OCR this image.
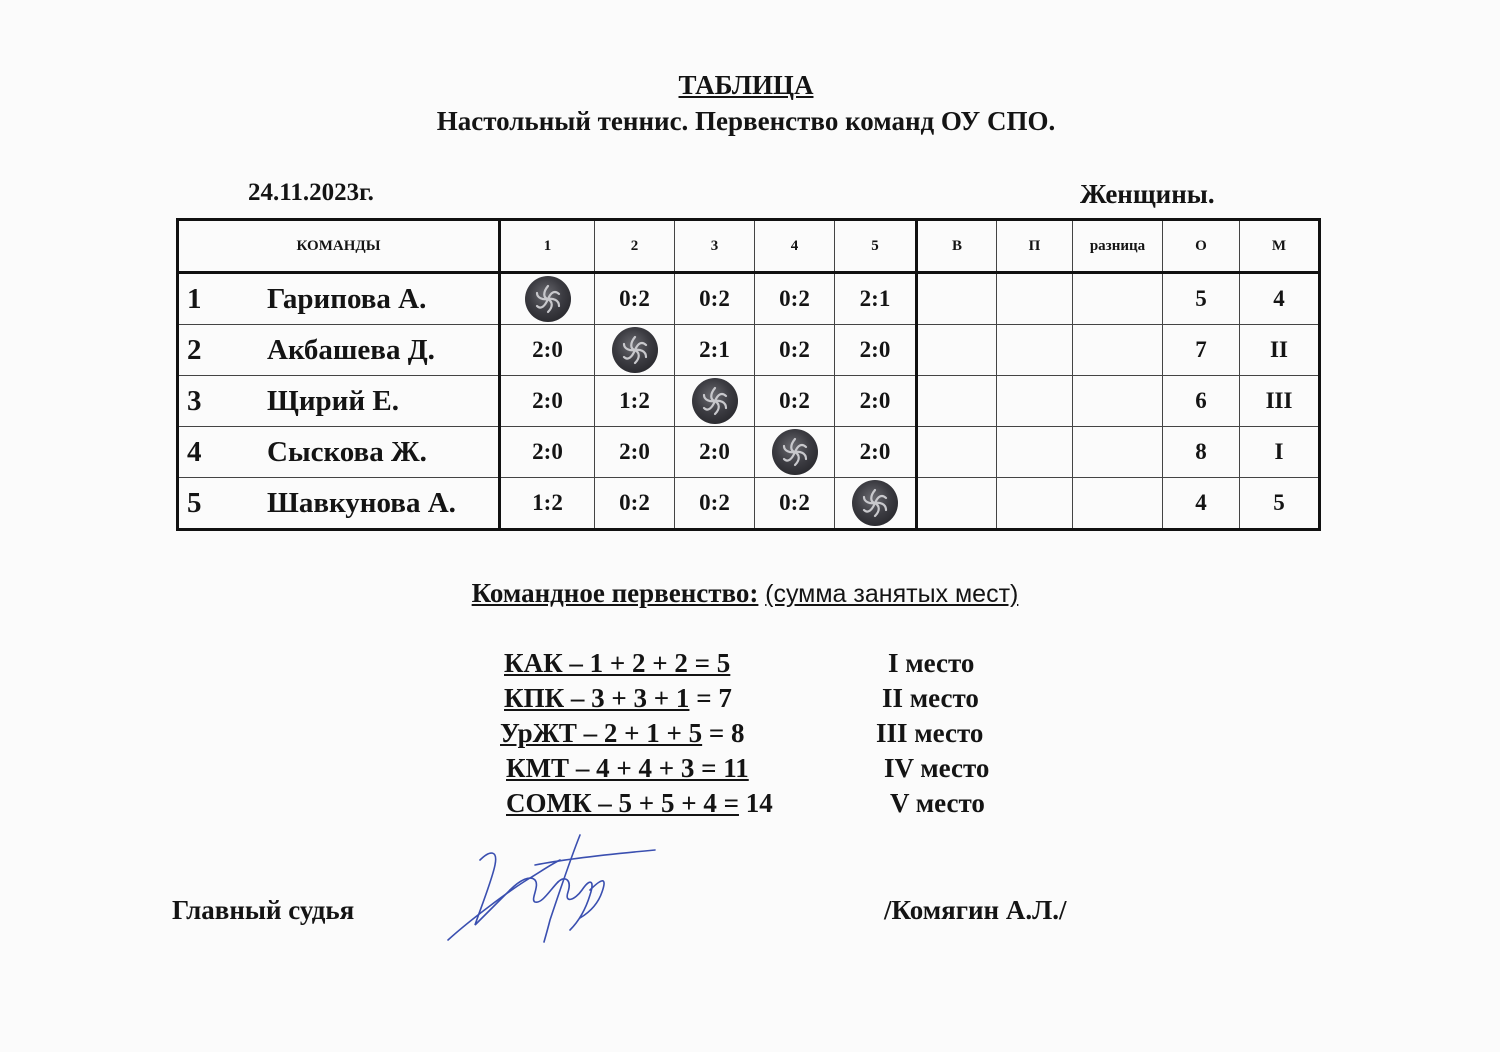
ТАБЛИЦА
Настольный теннис. Первенство команд ОУ СПО.
24.11.2023г.	Женщины.
КОМАНДЫ	1	2	3	4	5	В	П	разница	О	М
1 Гарипова А.		0:2	0:2	0:2	2:1				5	4
2 Акбашева Д.	2:0		2:1	0:2	2:0				7	II
3 Щирий Е.	2:0	1:2		0:2	2:0				6	III
4 Сыскова Ж.	2:0	2:0	2:0		2:0				8	I
5 Шавкунова А.	1:2	0:2	0:2	0:2					4	5
Командное первенство: (сумма занятых мест)
КАК – 1 + 2 + 2 = 5	I место
КПК – 3 + 3 + 1 = 7	II место
УрЖТ – 2 + 1 + 5 = 8	III место
КМТ – 4 + 4 + 3 = 11	IV место
СОМК – 5 + 5 + 4 = 14	V место
Главный судья	/Комягин А.Л./
